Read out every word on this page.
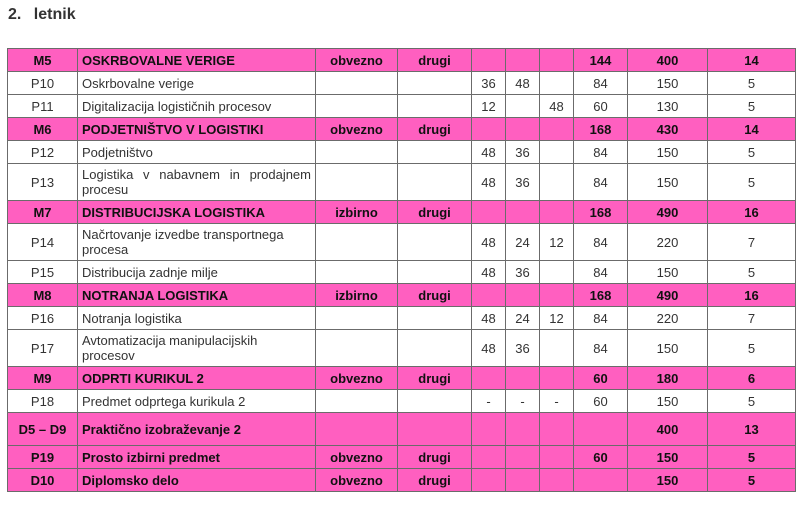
2. letnik
M5	OSKRBOVALNE VERIGE	obvezno	drugi				144	400	14
P10	Oskrbovalne verige			36	48		84	150	5
P11	Digitalizacija logističnih procesov			12		48	60	130	5
M6	PODJETNIŠTVO V LOGISTIKI	obvezno	drugi				168	430	14
P12	Podjetništvo			48	36		84	150	5
P13	Logistika v nabavnem in prodajnem procesu			48	36		84	150	5
M7	DISTRIBUCIJSKA LOGISTIKA	izbirno	drugi				168	490	16
P14	Načrtovanje izvedbe transportnega procesa			48	24	12	84	220	7
P15	Distribucija zadnje milje			48	36		84	150	5
M8	NOTRANJA LOGISTIKA	izbirno	drugi				168	490	16
P16	Notranja logistika			48	24	12	84	220	7
P17	Avtomatizacija manipulacijskih procesov			48	36		84	150	5
M9	ODPRTI KURIKUL 2	obvezno	drugi				60	180	6
P18	Predmet odprtega kurikula 2			-	-	-	60	150	5
D5 – D9	Praktično izobraževanje 2							400	13
P19	Prosto izbirni predmet	obvezno	drugi				60	150	5
D10	Diplomsko delo	obvezno	drugi					150	5
